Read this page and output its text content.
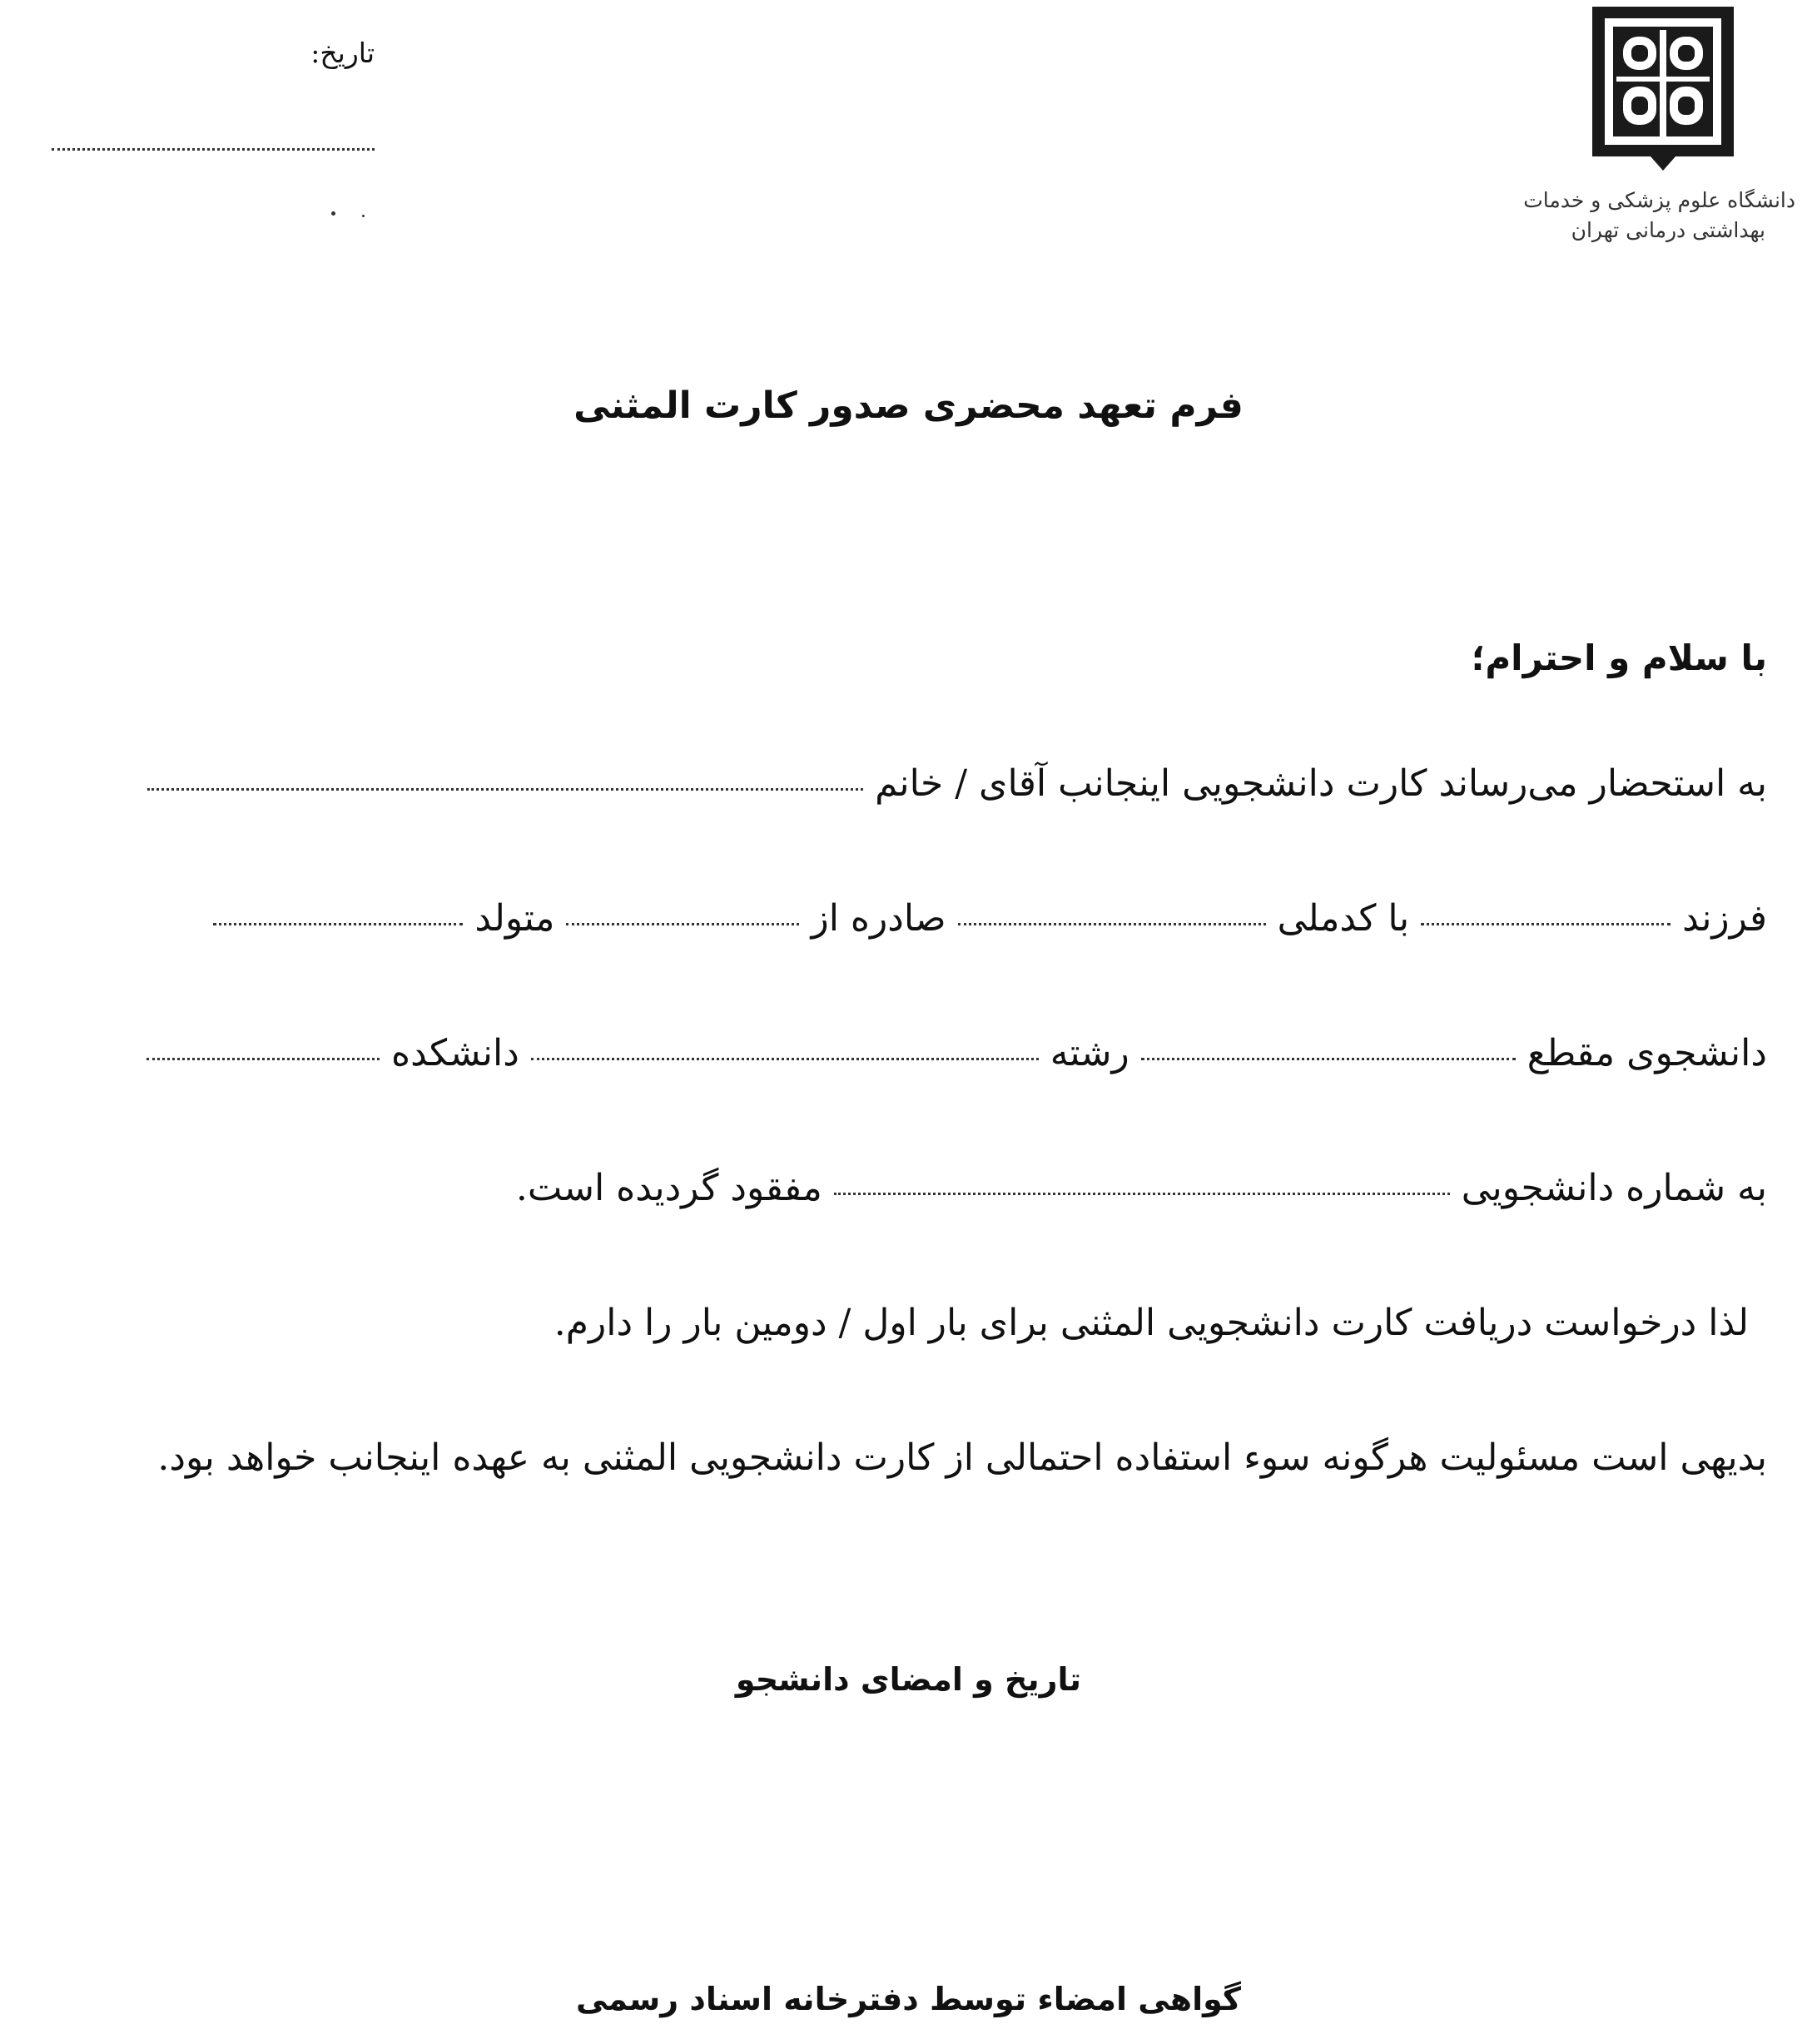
دانشگاه علوم پزشکی و خدمات
بهداشتی درمانی تهران
تاریخ:
فرم تعهد محضری صدور کارت المثنی
با سلام و احترام؛
به استحضار می‌رساند کارت دانشجویی اینجانب آقای / خانم
فرزند
با کدملی
صادره از
متولد
دانشجوی مقطع
رشته
دانشکده
به شماره دانشجویی
مفقود گردیده است.
لذا درخواست دریافت کارت دانشجویی المثنی برای بار اول / دومین بار را دارم.
بدیهی است مسئولیت هرگونه سوء استفاده احتمالی از کارت دانشجویی المثنی به عهده اینجانب خواهد بود.
تاریخ و امضای دانشجو
گواهی امضاء توسط دفترخانه اسناد رسمی
